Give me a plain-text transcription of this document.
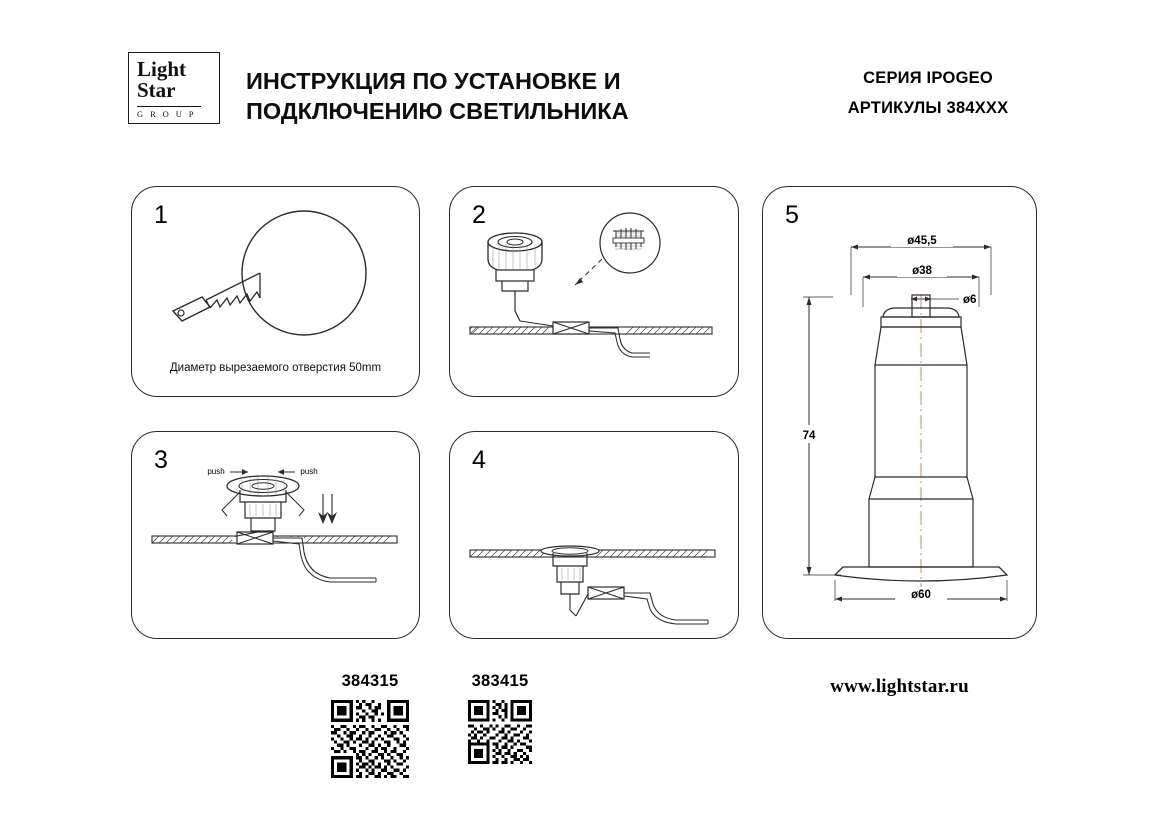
Light
Star
G R O U P
ИНСТРУКЦИЯ ПО УСТАНОВКЕ И ПОДКЛЮЧЕНИЮ СВЕТИЛЬНИКА
СЕРИЯ IPOGEO
АРТИКУЛЫ 384XXX
1
Диаметр вырезаемого отверстия 50mm
2
3	push	push	4
5
ø45,5
ø38
ø6
74
ø60
384315	383415	www.lightstar.ru
